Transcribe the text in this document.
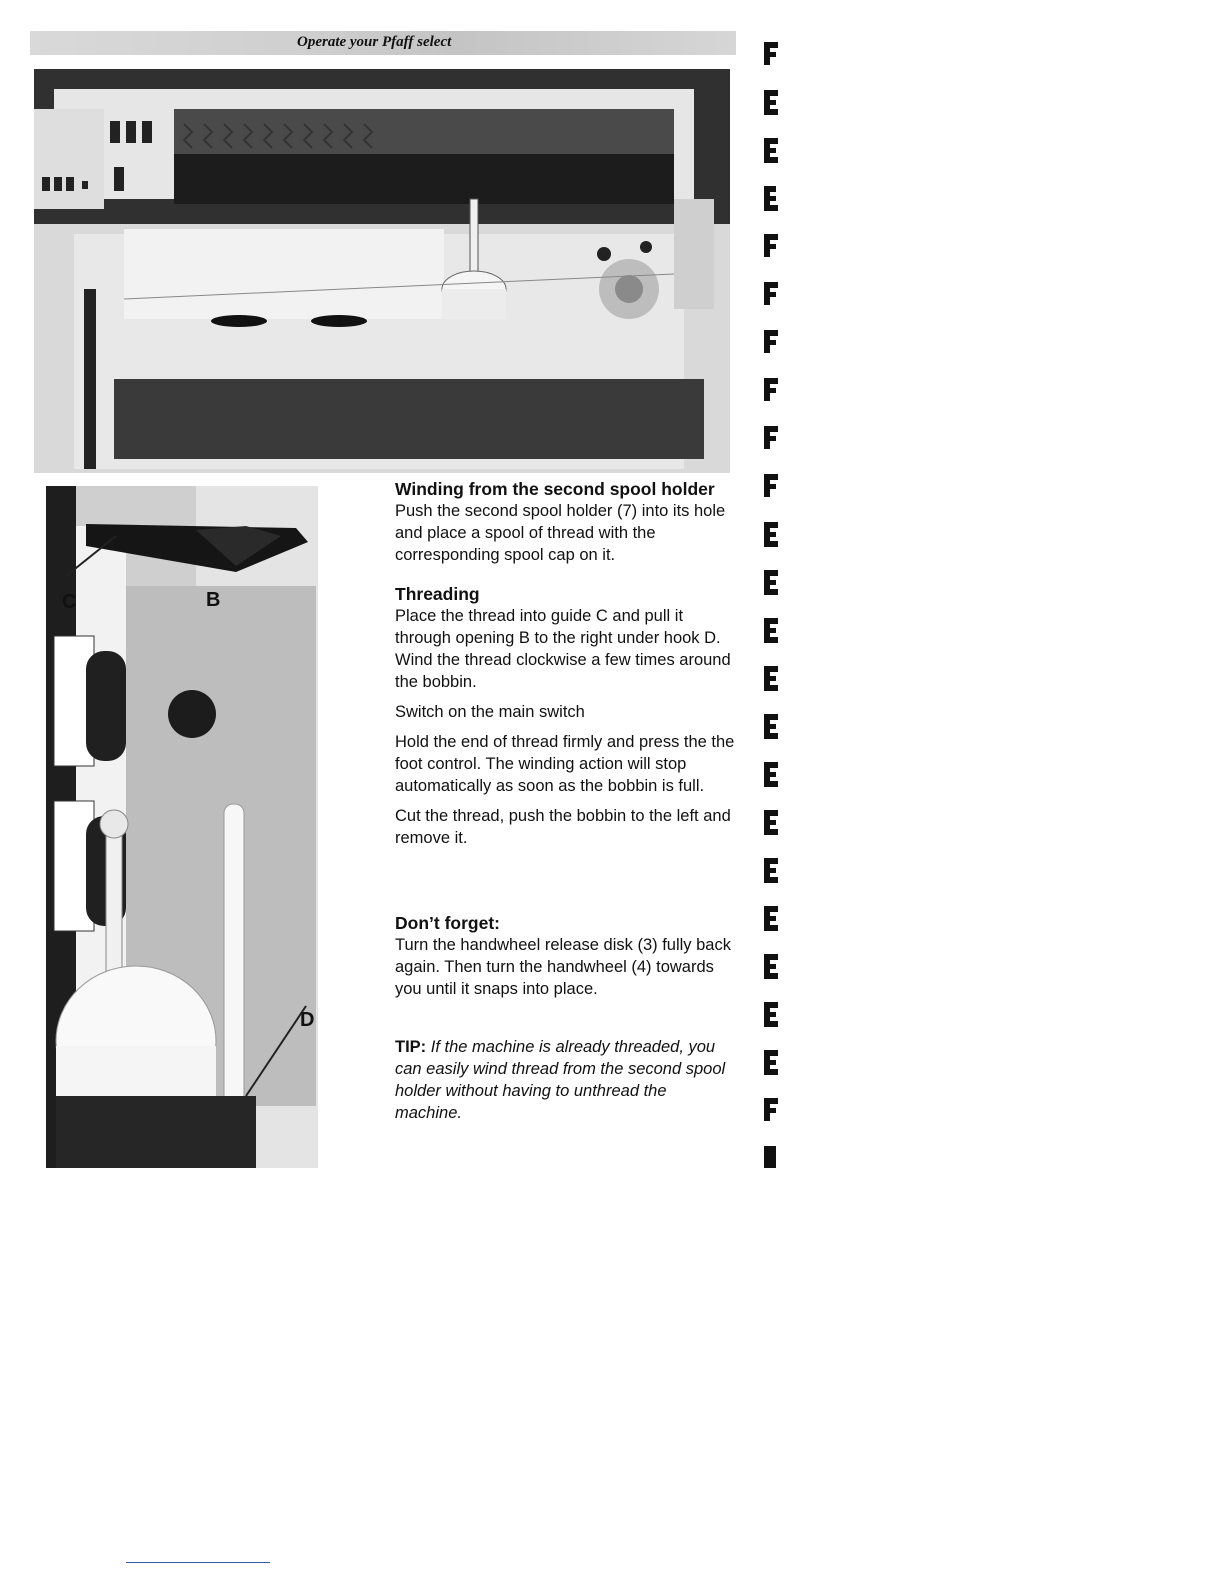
Operate your Pfaff select
C	B
D

Winding from the second spool holder

Push the second spool holder (7) into its hole and place a spool of thread with the corresponding spool cap on it.

Threading

Place the thread into guide C and pull it through opening B to the right under hook D. Wind the thread clockwise a few times around the bobbin.

Switch on the main switch

Hold the end of thread firmly and press the the foot control. The winding action will stop automatically as soon as the bobbin is full.

Cut the thread, push the bobbin to the left and remove it.

Don’t forget:

Turn the handwheel release disk (3) fully back again. Then turn the handwheel (4) towards you until it snaps into place.

TIP: If the machine is already threaded, you can easily wind thread from the second spool holder without having to unthread the machine.
